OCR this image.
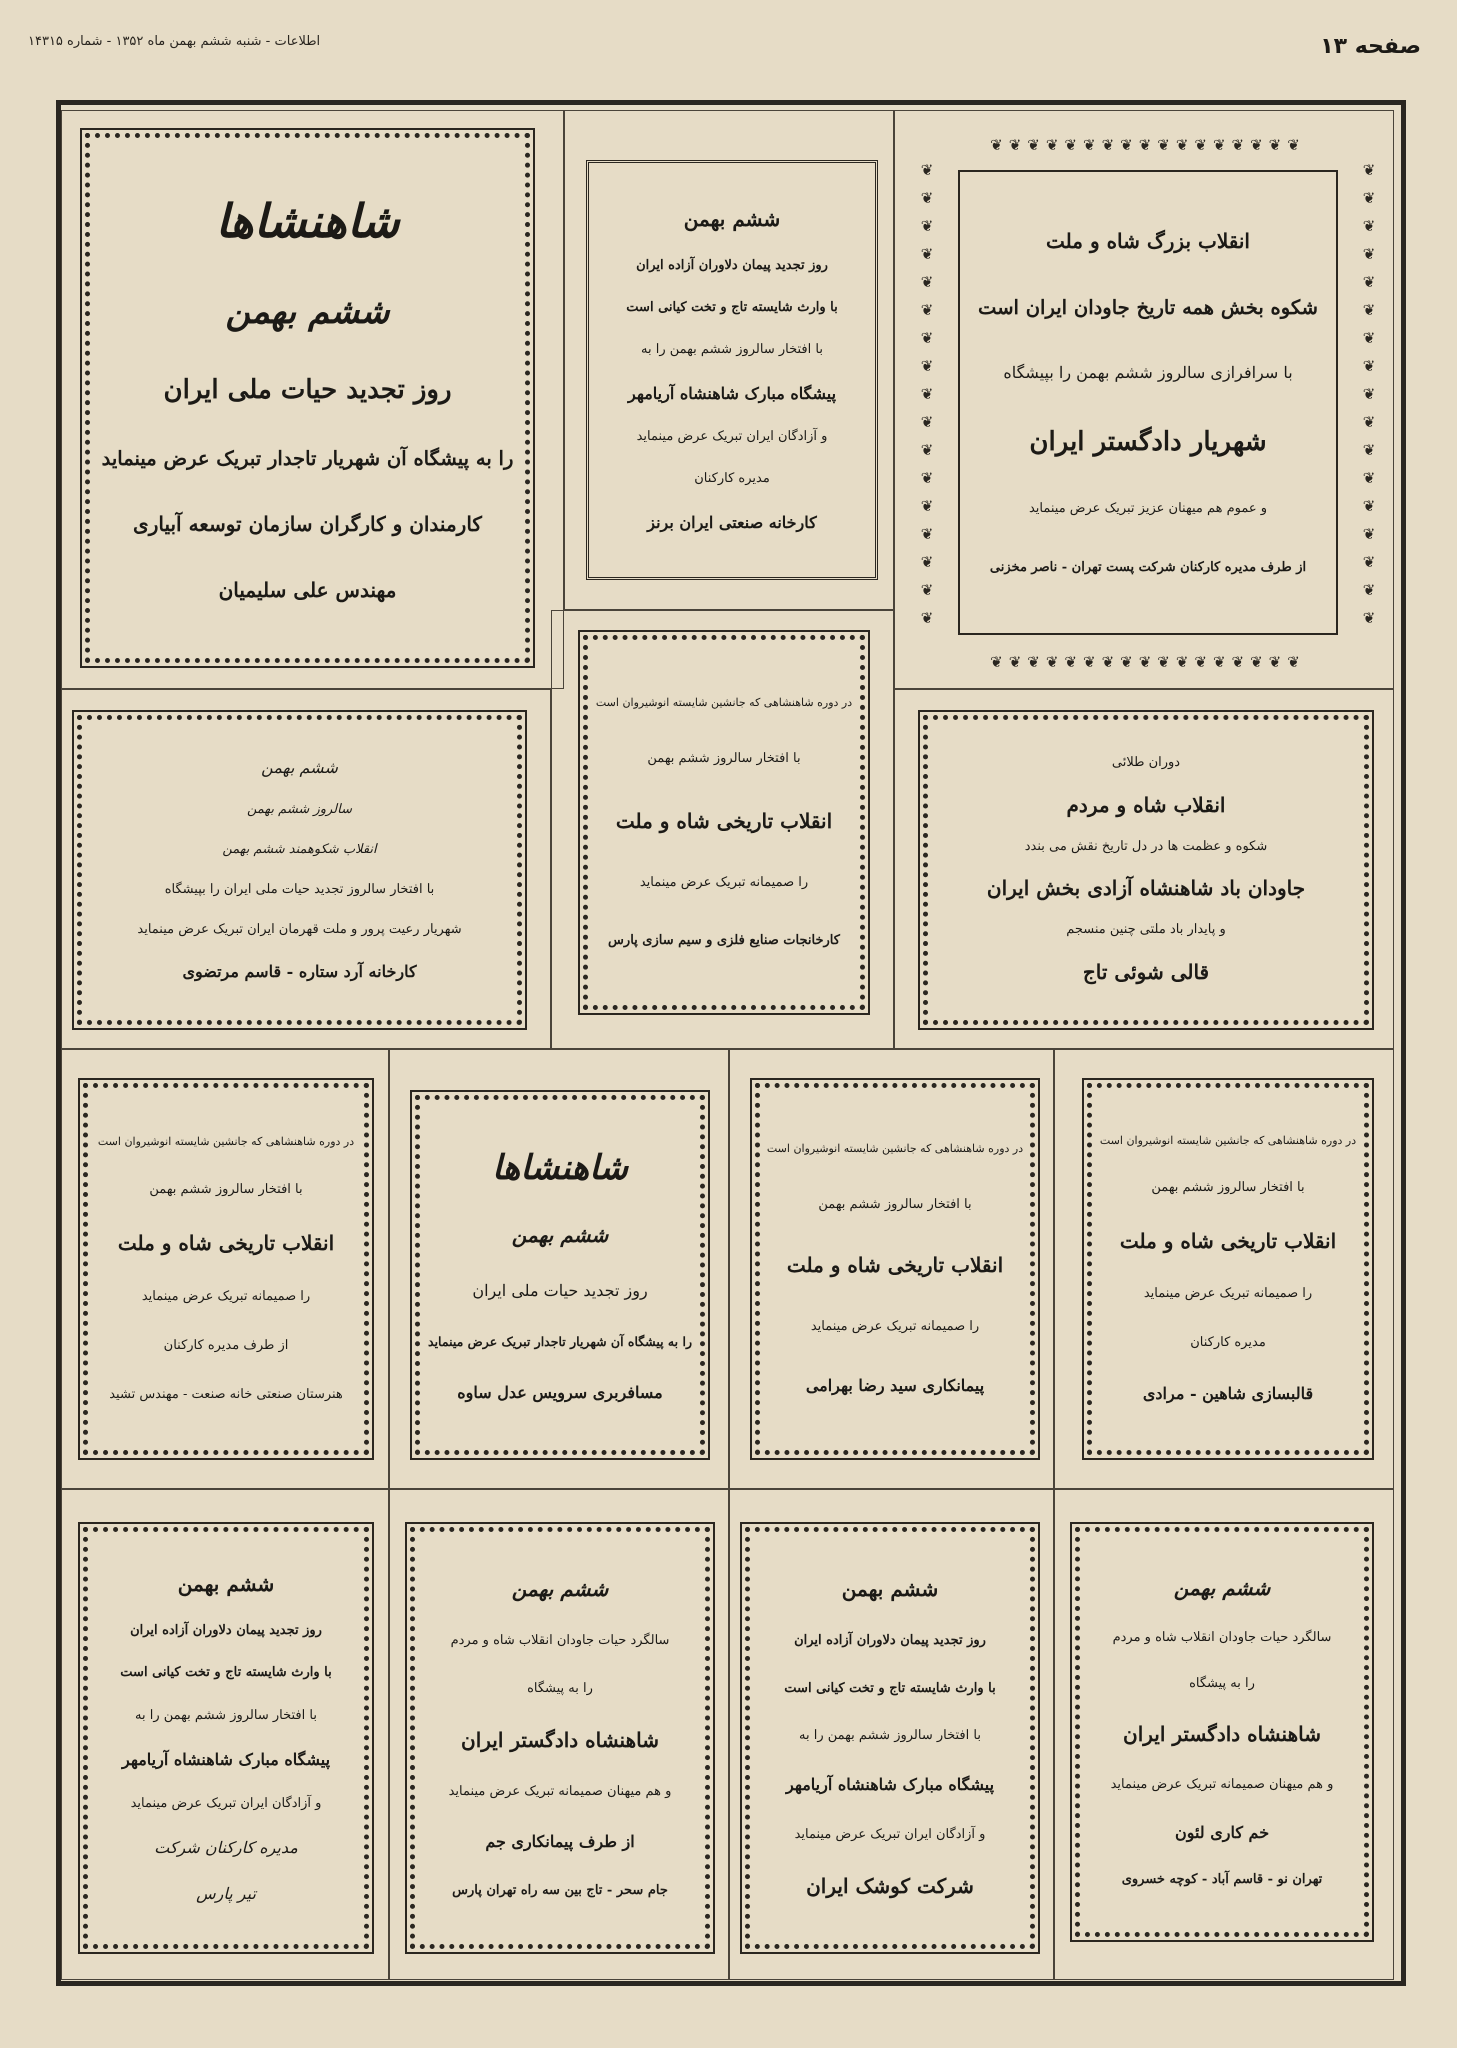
اطلاعات - شنبه ششم بهمن ماه ۱۳۵۲ - شماره ۱۴۳۱۵	صفحه ۱۳
❦❦❦❦❦❦❦❦❦❦❦❦❦❦❦❦❦
❦❦❦❦❦❦❦❦❦❦❦❦❦❦❦❦❦
❦
❦
❦
❦
❦
❦
❦
❦
❦
❦
❦
❦
❦
❦
❦
❦
❦
❦
❦
❦
❦
❦
❦
❦
❦
❦
❦
❦
❦
❦
❦
❦
❦
❦
انقلاب بزرگ شاه و ملت
شکوه بخش همه تاریخ جاودان ایران است
با سرافرازی سالروز ششم بهمن را بپیشگاه
شهریار دادگستر ایران
و عموم هم میهنان عزیز تبریک عرض مینماید
از طرف مدیره کارکنان شرکت پست تهران - ناصر مخزنی
ششم بهمن
روز تجدید پیمان دلاوران آزاده ایران
با وارث شایسته تاج و تخت کیانی است
با افتخار سالروز ششم بهمن را به
پیشگاه مبارک شاهنشاه آریامهر
و آزادگان ایران تبریک عرض مینماید
مدیره کارکنان
کارخانه صنعتی ایران برنز
شاهنشاها
ششم بهمن
روز تجدید حیات ملی ایران
را به پیشگاه آن شهریار تاجدار تبریک عرض مینماید
کارمندان و کارگران سازمان توسعه آبیاری
مهندس علی سلیمیان
دوران طلائی
انقلاب شاه و مردم
شکوه و عظمت ها در دل تاریخ نقش می بندد
جاودان باد شاهنشاه آزادی بخش ایران
و پایدار باد ملتی چنین منسجم
قالی شوئی تاج
در دوره شاهنشاهی که جانشین شایسته انوشیروان است
با افتخار سالروز ششم بهمن
انقلاب تاریخی شاه و ملت
را صمیمانه تبریک عرض مینماید
کارخانجات صنایع فلزی و سیم سازی پارس
ششم بهمن
سالروز ششم بهمن
انقلاب شکوهمند ششم بهمن
با افتخار سالروز تجدید حیات ملی ایران را بپیشگاه
شهریار رعیت پرور و ملت قهرمان ایران تبریک عرض مینماید
کارخانه آرد ستاره - قاسم مرتضوی
در دوره شاهنشاهی که جانشین شایسته انوشیروان است
با افتخار سالروز ششم بهمن
انقلاب تاریخی شاه و ملت
را صمیمانه تبریک عرض مینماید
مدیره کارکنان
قالبسازی شاهین - مرادی
در دوره شاهنشاهی که جانشین شایسته انوشیروان است
با افتخار سالروز ششم بهمن
انقلاب تاریخی شاه و ملت
را صمیمانه تبریک عرض مینماید
پیمانکاری سید رضا بهرامی
شاهنشاها
ششم بهمن
روز تجدید حیات ملی ایران
را به پیشگاه آن شهریار تاجدار تبریک عرض مینماید
مسافربری سرویس عدل ساوه
در دوره شاهنشاهی که جانشین شایسته انوشیروان است
با افتخار سالروز ششم بهمن
انقلاب تاریخی شاه و ملت
را صمیمانه تبریک عرض مینماید
از طرف مدیره کارکنان
هنرستان صنعتی خانه صنعت - مهندس تشید
ششم بهمن
سالگرد حیات جاودان انقلاب شاه و مردم
را به پیشگاه
شاهنشاه دادگستر ایران
و هم میهنان صمیمانه تبریک عرض مینماید
خم کاری لئون
تهران نو - قاسم آباد - کوچه خسروی
ششم بهمن
روز تجدید پیمان دلاوران آزاده ایران
با وارث شایسته تاج و تخت کیانی است
با افتخار سالروز ششم بهمن را به
پیشگاه مبارک شاهنشاه آریامهر
و آزادگان ایران تبریک عرض مینماید
شرکت کوشک ایران
ششم بهمن
سالگرد حیات جاودان انقلاب شاه و مردم
را به پیشگاه
شاهنشاه دادگستر ایران
و هم میهنان صمیمانه تبریک عرض مینماید
از طرف پیمانکاری جم
جام سحر - تاج بین سه راه تهران پارس
ششم بهمن
روز تجدید پیمان دلاوران آزاده ایران
با وارث شایسته تاج و تخت کیانی است
با افتخار سالروز ششم بهمن را به
پیشگاه مبارک شاهنشاه آریامهر
و آزادگان ایران تبریک عرض مینماید
مدیره کارکنان شرکت
تیر پارس
